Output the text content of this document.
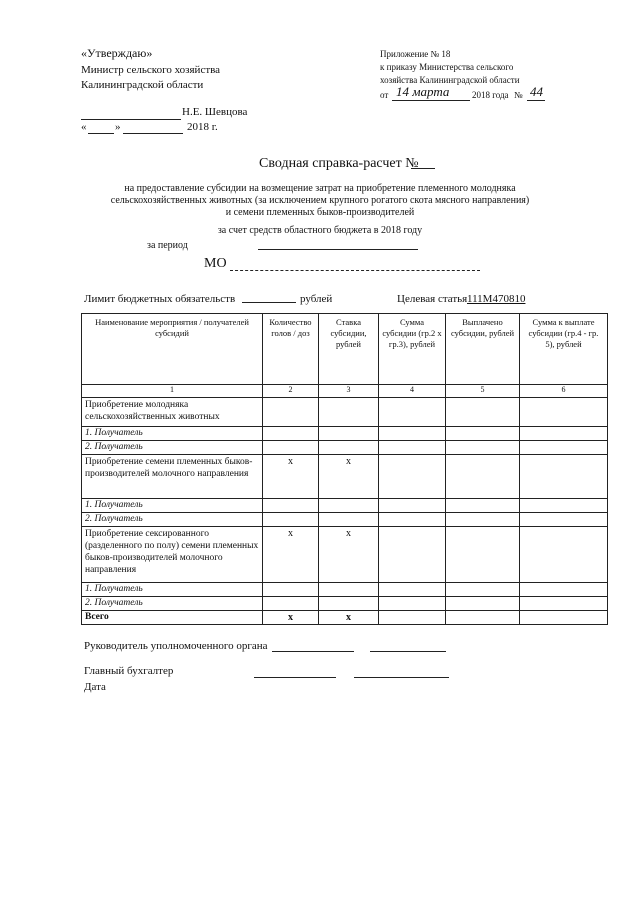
«Утверждаю»
Министр сельского хозяйства
Калининградской области
Н.Е. Шевцова
«	»	2018 г.
Приложение № 18
к приказу Министерства сельского
хозяйства Калининградской области
от 14 марта	2018 года № 44
Сводная справка-расчет №
на предоставление субсидии на возмещение затрат на приобретение племенного молодняка
сельскохозяйственных животных (за исключением крупного рогатого скота мясного направления)
и семени племенных быков-производителей
за счет средств областного бюджета в 2018 году
за период
МО
Лимит бюджетных обязательств	рублей	Целевая статья 111М470810
Наименование мероприятия / получателей субсидий	Количество голов / доз	Ставка субсидии, рублей	Сумма субсидии (гр.2 х гр.3), рублей	Выплачено субсидии, рублей	Сумма к выплате субсидии (гр.4 - гр. 5), рублей
1	2	3	4	5	6
Приобретение молодняка сельскохозяйственных животных					
1. Получатель					
2. Получатель					
Приобретение семени племенных быков-производителей молочного направления	х	х			
1. Получатель					
2. Получатель					
Приобретение сексированного (разделенного по полу) семени племенных быков-производителей молочного направления	х	х			
1. Получатель					
2. Получатель					
Всего	х	х			
Руководитель уполномоченного органа
Главный бухгалтер
Дата
